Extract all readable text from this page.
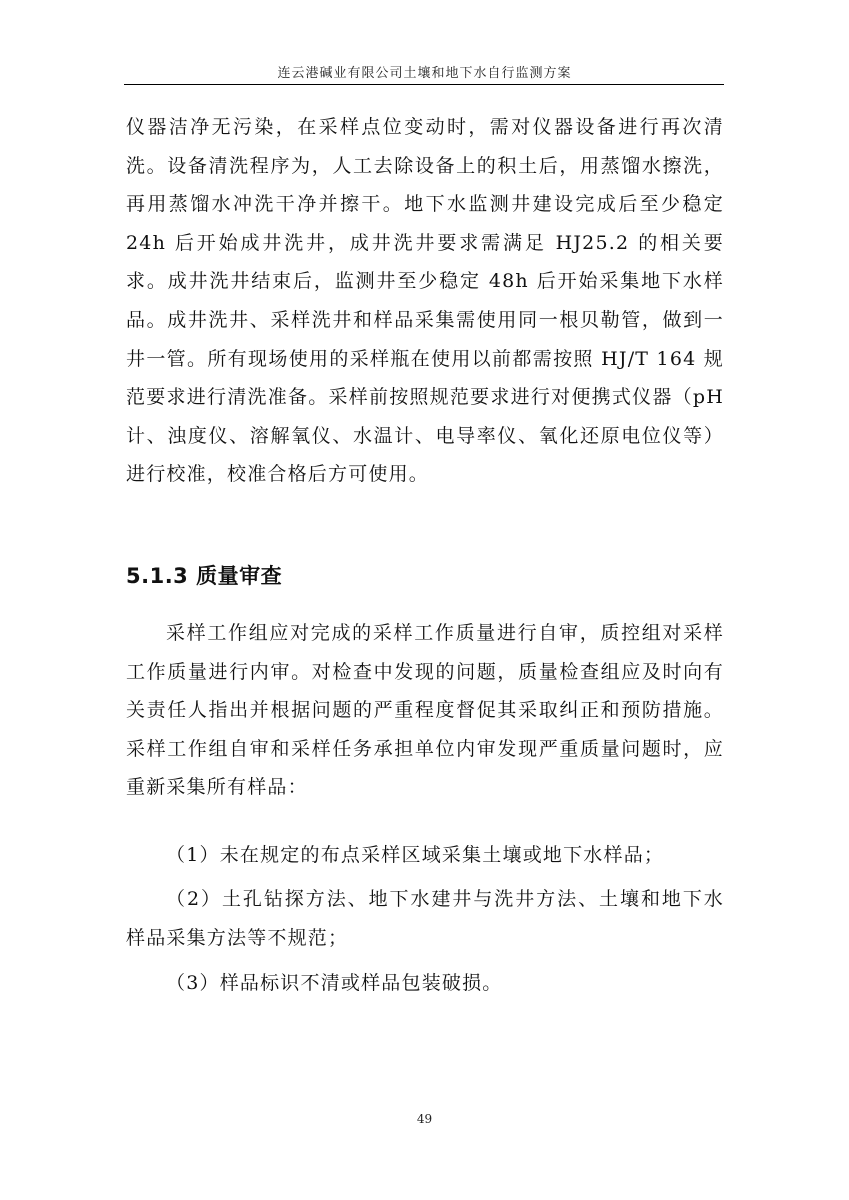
连云港碱业有限公司土壤和地下水自行监测方案
仪器洁净无污染，在采样点位变动时，需对仪器设备进行再次清洗。设备清洗程序为，人工去除设备上的积土后，用蒸馏水擦洗，再用蒸馏水冲洗干净并擦干。地下水监测井建设完成后至少稳定 24h 后开始成井洗井，成井洗井要求需满足 HJ25.2 的相关要求。成井洗井结束后，监测井至少稳定 48h 后开始采集地下水样品。成井洗井、采样洗井和样品采集需使用同一根贝勒管，做到一井一管。所有现场使用的采样瓶在使用以前都需按照 HJ/T 164 规范要求进行清洗准备。采样前按照规范要求进行对便携式仪器（pH 计、浊度仪、溶解氧仪、水温计、电导率仪、氧化还原电位仪等）进行校准，校准合格后方可使用。
5.1.3 质量审查
采样工作组应对完成的采样工作质量进行自审，质控组对采样工作质量进行内审。对检查中发现的问题，质量检查组应及时向有关责任人指出并根据问题的严重程度督促其采取纠正和预防措施。采样工作组自审和采样任务承担单位内审发现严重质量问题时，应重新采集所有样品：
（1）未在规定的布点采样区域采集土壤或地下水样品；
（2）土孔钻探方法、地下水建井与洗井方法、土壤和地下水样品采集方法等不规范；
（3）样品标识不清或样品包装破损。
49
